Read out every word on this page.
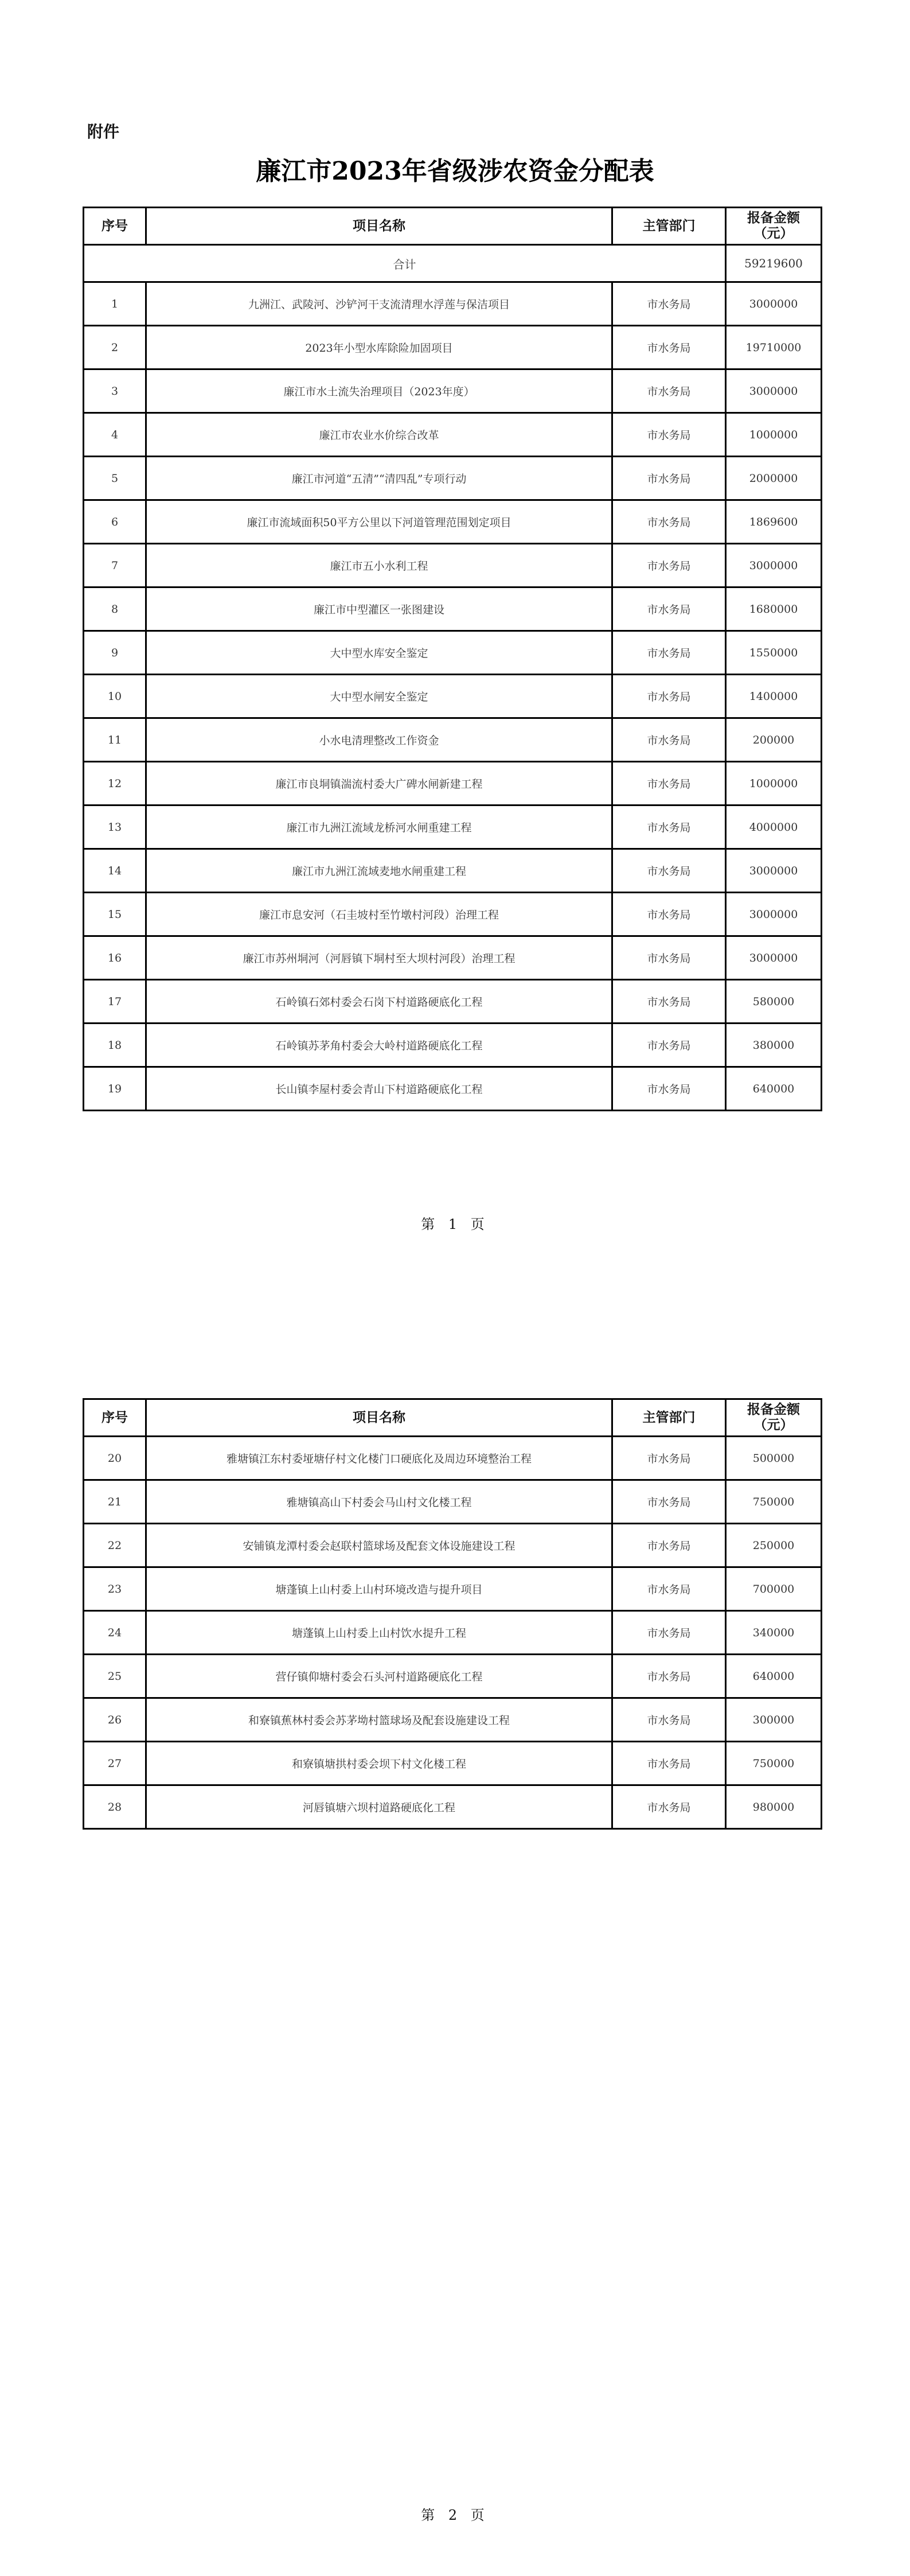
附件
廉江市2023年省级涉农资金分配表
序号	项目名称	主管部门	报备金额
（元）
合计			59219600
1	九洲江、武陵河、沙铲河干支流清理水浮莲与保洁项目	市水务局	3000000
2	2023年小型水库除险加固项目	市水务局	19710000
3	廉江市水土流失治理项目（2023年度）	市水务局	3000000
4	廉江市农业水价综合改革	市水务局	1000000
5	廉江市河道“五清”“清四乱”专项行动	市水务局	2000000
6	廉江市流域面积50平方公里以下河道管理范围划定项目	市水务局	1869600
7	廉江市五小水利工程	市水务局	3000000
8	廉江市中型灌区一张图建设	市水务局	1680000
9	大中型水库安全鉴定	市水务局	1550000
10	大中型水闸安全鉴定	市水务局	1400000
11	小水电清理整改工作资金	市水务局	200000
12	廉江市良垌镇湍流村委大广碑水闸新建工程	市水务局	1000000
13	廉江市九洲江流域龙桥河水闸重建工程	市水务局	4000000
14	廉江市九洲江流域麦地水闸重建工程	市水务局	3000000
15	廉江市息安河（石圭坡村至竹墩村河段）治理工程	市水务局	3000000
16	廉江市苏州垌河（河唇镇下垌村至大坝村河段）治理工程	市水务局	3000000
17	石岭镇石郊村委会石岗下村道路硬底化工程	市水务局	580000
18	石岭镇苏茅角村委会大岭村道路硬底化工程	市水务局	380000
19	长山镇李屋村委会青山下村道路硬底化工程	市水务局	640000
第 1 页
序号	项目名称	主管部门	报备金额
（元）
20	雅塘镇江东村委垭塘仔村文化楼门口硬底化及周边环境整治工程	市水务局	500000
21	雅塘镇高山下村委会马山村文化楼工程	市水务局	750000
22	安铺镇龙潭村委会赵联村篮球场及配套文体设施建设工程	市水务局	250000
23	塘蓬镇上山村委上山村环境改造与提升项目	市水务局	700000
24	塘蓬镇上山村委上山村饮水提升工程	市水务局	340000
25	营仔镇仰塘村委会石头河村道路硬底化工程	市水务局	640000
26	和寮镇蕉林村委会苏茅坳村篮球场及配套设施建设工程	市水务局	300000
27	和寮镇塘拱村委会坝下村文化楼工程	市水务局	750000
28	河唇镇塘六坝村道路硬底化工程	市水务局	980000
第 2 页
